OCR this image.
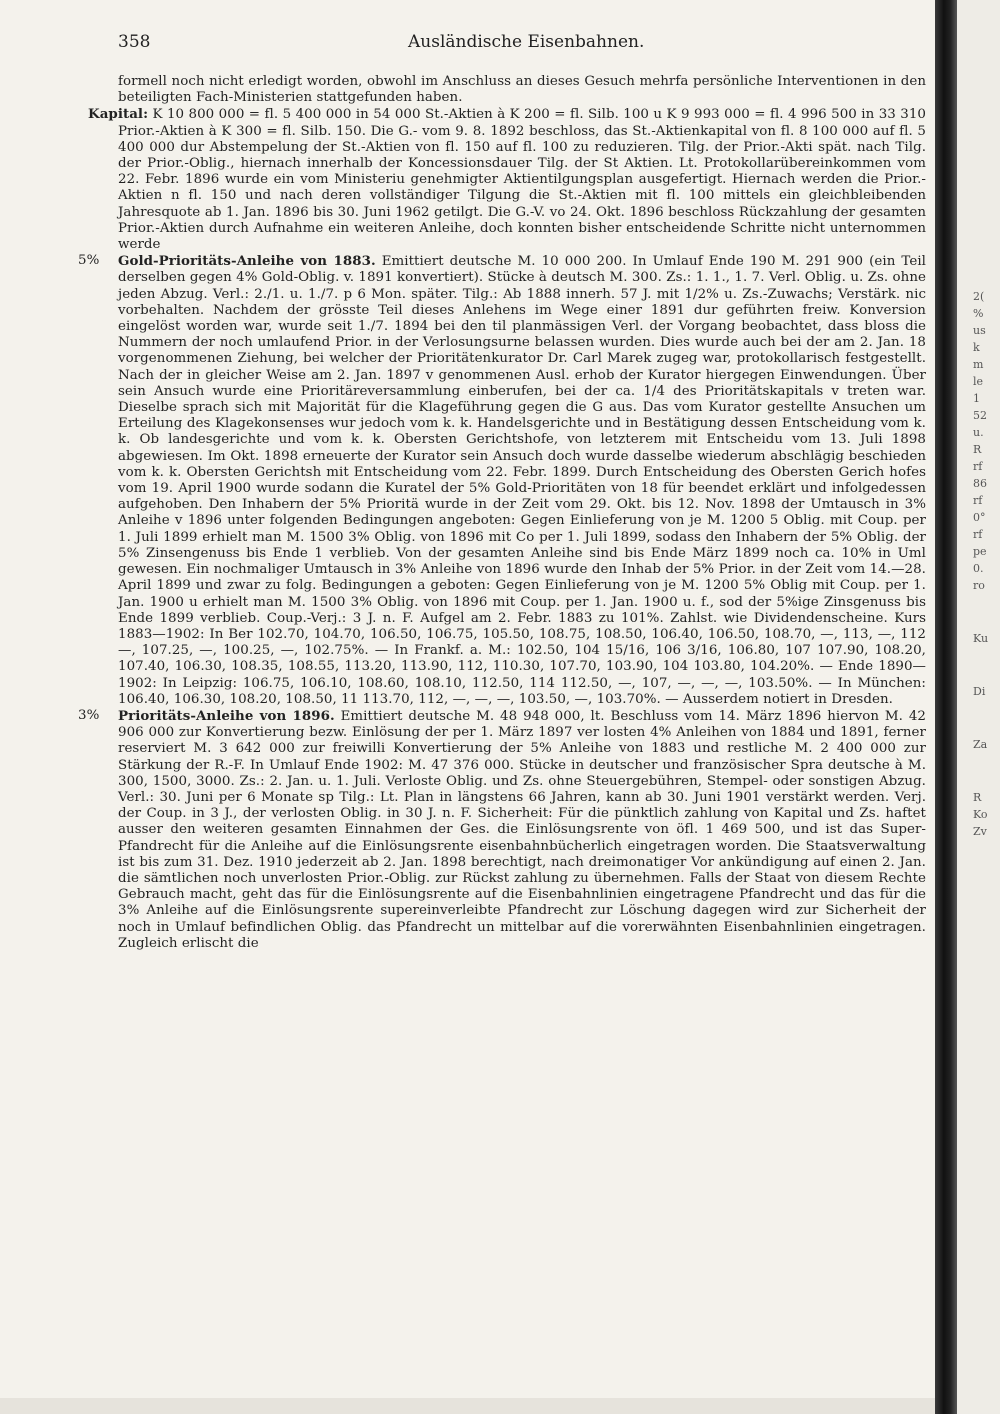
358	Ausländische Eisenbahnen.

formell noch nicht erledigt worden, obwohl im Anschluss an dieses Gesuch mehrfa persönliche Interventionen in den beteiligten Fach-Ministerien stattgefunden haben.

Kapital: K 10 800 000 = fl. 5 400 000 in 54 000 St.-Aktien à K 200 = fl. Silb. 100 u K 9 993 000 = fl. 4 996 500 in 33 310 Prior.-Aktien à K 300 = fl. Silb. 150. Die G.- vom 9. 8. 1892 beschloss, das St.-Aktienkapital von fl. 8 100 000 auf fl. 5 400 000 dur Abstempelung der St.-Aktien von fl. 150 auf fl. 100 zu reduzieren. Tilg. der Prior.-Akti spät. nach Tilg. der Prior.-Oblig., hiernach innerhalb der Koncessionsdauer Tilg. der St Aktien. Lt. Protokollarübereinkommen vom 22. Febr. 1896 wurde ein vom Ministeriu genehmigter Aktientilgungsplan ausgefertigt. Hiernach werden die Prior.-Aktien n fl. 150 und nach deren vollständiger Tilgung die St.-Aktien mit fl. 100 mittels ein gleichbleibenden Jahresquote ab 1. Jan. 1896 bis 30. Juni 1962 getilgt. Die G.-V. vo 24. Okt. 1896 beschloss Rückzahlung der gesamten Prior.-Aktien durch Aufnahme ein weiteren Anleihe, doch konnten bisher entscheidende Schritte nicht unternommen werde

5% Gold-Prioritäts-Anleihe von 1883. Emittiert deutsche M. 10 000 200. In Umlauf Ende 190 M. 291 900 (ein Teil derselben gegen 4% Gold-Oblig. v. 1891 konvertiert). Stücke à deutsch M. 300. Zs.: 1. 1., 1. 7. Verl. Oblig. u. Zs. ohne jeden Abzug. Verl.: 2./1. u. 1./7. p 6 Mon. später. Tilg.: Ab 1888 innerh. 57 J. mit 1/2% u. Zs.-Zuwachs; Verstärk. nic vorbehalten. Nachdem der grösste Teil dieses Anlehens im Wege einer 1891 dur geführten freiw. Konversion eingelöst worden war, wurde seit 1./7. 1894 bei den til planmässigen Verl. der Vorgang beobachtet, dass bloss die Nummern der noch umlaufend Prior. in der Verlosungsurne belassen wurden. Dies wurde auch bei der am 2. Jan. 18 vorgenommenen Ziehung, bei welcher der Prioritätenkurator Dr. Carl Marek zugeg war, protokollarisch festgestellt. Nach der in gleicher Weise am 2. Jan. 1897 v genommenen Ausl. erhob der Kurator hiergegen Einwendungen. Über sein Ansuch wurde eine Prioritäreversammlung einberufen, bei der ca. 1/4 des Prioritätskapitals v treten war. Dieselbe sprach sich mit Majorität für die Klageführung gegen die G aus. Das vom Kurator gestellte Ansuchen um Erteilung des Klagekonsenses wur jedoch vom k. k. Handelsgerichte und in Bestätigung dessen Entscheidung vom k. k. Ob landesgerichte und vom k. k. Obersten Gerichtshofe, von letzterem mit Entscheidu vom 13. Juli 1898 abgewiesen. Im Okt. 1898 erneuerte der Kurator sein Ansuch doch wurde dasselbe wiederum abschlägig beschieden vom k. k. Obersten Gerichtsh mit Entscheidung vom 22. Febr. 1899. Durch Entscheidung des Obersten Gerich hofes vom 19. April 1900 wurde sodann die Kuratel der 5% Gold-Prioritäten von 18 für beendet erklärt und infolgedessen aufgehoben. Den Inhabern der 5% Prioritä wurde in der Zeit vom 29. Okt. bis 12. Nov. 1898 der Umtausch in 3% Anleihe v 1896 unter folgenden Bedingungen angeboten: Gegen Einlieferung von je M. 1200 5 Oblig. mit Coup. per 1. Juli 1899 erhielt man M. 1500 3% Oblig. von 1896 mit Co per 1. Juli 1899, sodass den Inhabern der 5% Oblig. der 5% Zinsengenuss bis Ende 1 verblieb. Von der gesamten Anleihe sind bis Ende März 1899 noch ca. 10% in Uml gewesen. Ein nochmaliger Umtausch in 3% Anleihe von 1896 wurde den Inhab der 5% Prior. in der Zeit vom 14.—28. April 1899 und zwar zu folg. Bedingungen a geboten: Gegen Einlieferung von je M. 1200 5% Oblig mit Coup. per 1. Jan. 1900 u erhielt man M. 1500 3% Oblig. von 1896 mit Coup. per 1. Jan. 1900 u. f., sod der 5%ige Zinsgenuss bis Ende 1899 verblieb. Coup.-Verj.: 3 J. n. F. Aufgel am 2. Febr. 1883 zu 101%. Zahlst. wie Dividendenscheine. Kurs 1883—1902: In Ber 102.70, 104.70, 106.50, 106.75, 105.50, 108.75, 108.50, 106.40, 106.50, 108.70, —, 113, —, 112 —, 107.25, —, 100.25, —, 102.75%. — In Frankf. a. M.: 102.50, 104 15/16, 106 3/16, 106.80, 107 107.90, 108.20, 107.40, 106.30, 108.35, 108.55, 113.20, 113.90, 112, 110.30, 107.70, 103.90, 104 103.80, 104.20%. — Ende 1890—1902: In Leipzig: 106.75, 106.10, 108.60, 108.10, 112.50, 114 112.50, —, 107, —, —, —, 103.50%. — In München: 106.40, 106.30, 108.20, 108.50, 11 113.70, 112, —, —, —, 103.50, —, 103.70%. — Ausserdem notiert in Dresden.

3% Prioritäts-Anleihe von 1896. Emittiert deutsche M. 48 948 000, lt. Beschluss vom 14. März 1896 hiervon M. 42 906 000 zur Konvertierung bezw. Einlösung der per 1. März 1897 ver losten 4% Anleihen von 1884 und 1891, ferner reserviert M. 3 642 000 zur freiwilli Konvertierung der 5% Anleihe von 1883 und restliche M. 2 400 000 zur Stärkung der R.-F. In Umlauf Ende 1902: M. 47 376 000. Stücke in deutscher und französischer Spra deutsche à M. 300, 1500, 3000. Zs.: 2. Jan. u. 1. Juli. Verloste Oblig. und Zs. ohne Steuergebühren, Stempel- oder sonstigen Abzug. Verl.: 30. Juni per 6 Monate sp Tilg.: Lt. Plan in längstens 66 Jahren, kann ab 30. Juni 1901 verstärkt werden. Verj. der Coup. in 3 J., der verlosten Oblig. in 30 J. n. F. Sicherheit: Für die pünktlich zahlung von Kapital und Zs. haftet ausser den weiteren gesamten Einnahmen der Ges. die Einlösungsrente von öfl. 1 469 500, und ist das Super-Pfandrecht für die Anleihe auf die Einlösungsrente eisenbahnbücherlich eingetragen worden. Die Staatsverwaltung ist bis zum 31. Dez. 1910 jederzeit ab 2. Jan. 1898 berechtigt, nach dreimonatiger Vor ankündigung auf einen 2. Jan. die sämtlichen noch unverlosten Prior.-Oblig. zur Rückst zahlung zu übernehmen. Falls der Staat von diesem Rechte Gebrauch macht, geht das für die Einlösungsrente auf die Eisenbahnlinien eingetragene Pfandrecht und das für die 3% Anleihe auf die Einlösungsrente supereinverleibte Pfandrecht zur Löschung dagegen wird zur Sicherheit der noch in Umlauf befindlichen Oblig. das Pfandrecht un mittelbar auf die vorerwähnten Eisenbahnlinien eingetragen. Zugleich erlischt die

2(
%
us
k
m
le
1
52
u.
R
rf
86
rf
0°
rf
pe
0.
ro
Ku
Di
Za
R
Ko
Zv
